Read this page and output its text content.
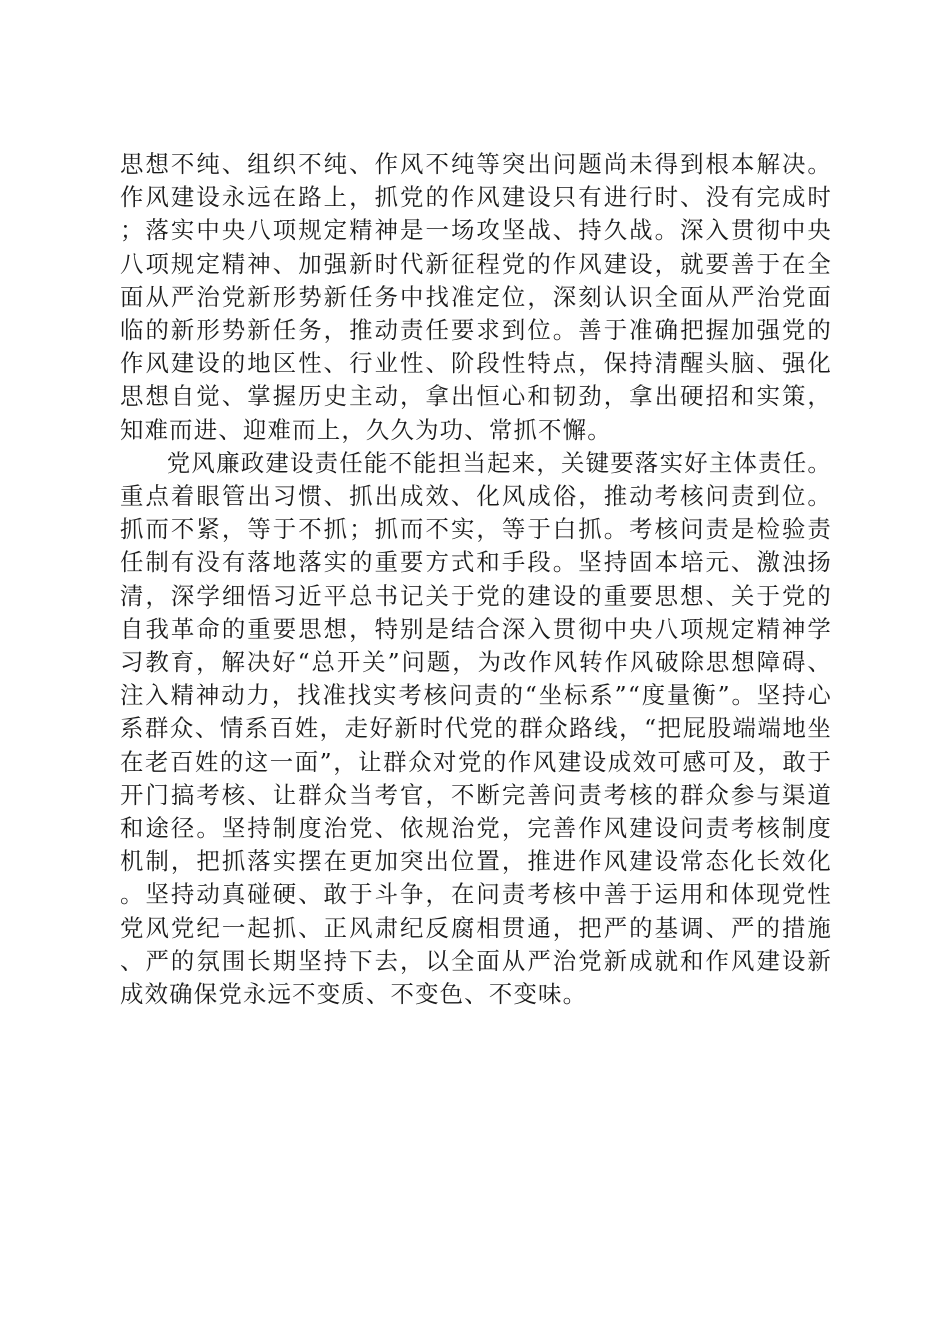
思想不纯、组织不纯、作风不纯等突出问题尚未得到根本解决。作风建设永远在路上，抓党的作风建设只有进行时、没有完成时；落实中央八项规定精神是一场攻坚战、持久战。深入贯彻中央八项规定精神、加强新时代新征程党的作风建设，就要善于在全面从严治党新形势新任务中找准定位，深刻认识全面从严治党面临的新形势新任务，推动责任要求到位。善于准确把握加强党的作风建设的地区性、行业性、阶段性特点，保持清醒头脑、强化思想自觉、掌握历史主动，拿出恒心和韧劲，拿出硬招和实策，知难而进、迎难而上，久久为功、常抓不懈。

党风廉政建设责任能不能担当起来，关键要落实好主体责任。重点着眼管出习惯、抓出成效、化风成俗，推动考核问责到位。抓而不紧，等于不抓；抓而不实，等于白抓。考核问责是检验责任制有没有落地落实的重要方式和手段。坚持固本培元、激浊扬清，深学细悟习近平总书记关于党的建设的重要思想、关于党的自我革命的重要思想，特别是结合深入贯彻中央八项规定精神学习教育，解决好“总开关”问题，为改作风转作风破除思想障碍、注入精神动力，找准找实考核问责的“坐标系”“度量衡”。坚持心系群众、情系百姓，走好新时代党的群众路线，“把屁股端端地坐在老百姓的这一面”，让群众对党的作风建设成效可感可及，敢于开门搞考核、让群众当考官，不断完善问责考核的群众参与渠道和途径。坚持制度治党、依规治党，完善作风建设问责考核制度机制，把抓落实摆在更加突出位置，推进作风建设常态化长效化。坚持动真碰硬、敢于斗争，在问责考核中善于运用和体现党性党风党纪一起抓、正风肃纪反腐相贯通，把严的基调、严的措施、严的氛围长期坚持下去，以全面从严治党新成就和作风建设新成效确保党永远不变质、不变色、不变味。
